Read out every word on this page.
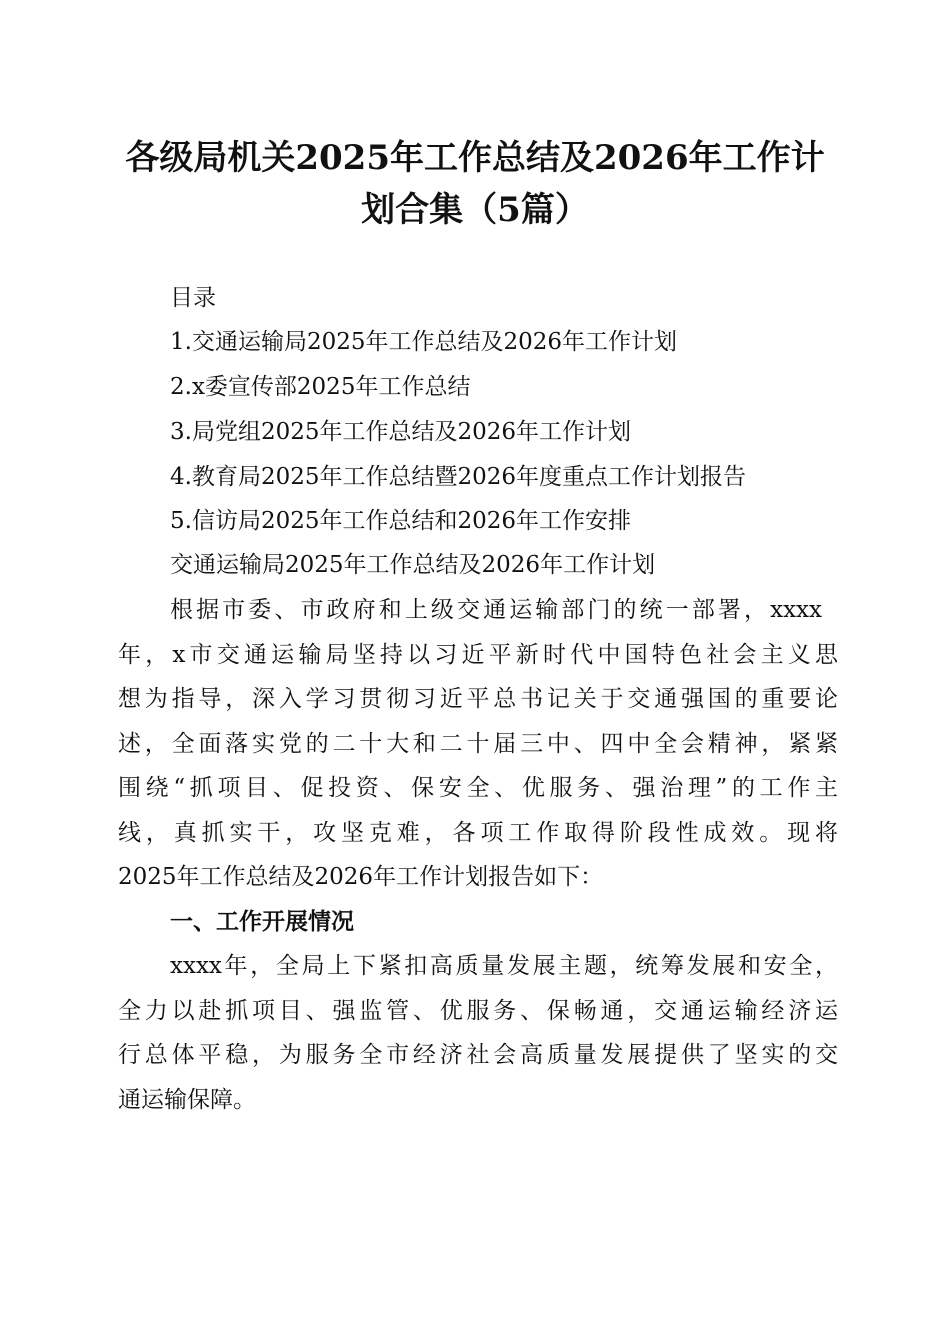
各级局机关2025年工作总结及2026年工作计
划合集（5篇）

目录

1.交通运输局2025年工作总结及2026年工作计划

2.x委宣传部2025年工作总结

3.局党组2025年工作总结及2026年工作计划

4.教育局2025年工作总结暨2026年度重点工作计划报告

5.信访局2025年工作总结和2026年工作安排

交通运输局2025年工作总结及2026年工作计划

根据市委、市政府和上级交通运输部门的统一部署，xxxx

年，x市交通运输局坚持以习近平新时代中国特色社会主义思

想为指导，深入学习贯彻习近平总书记关于交通强国的重要论

述，全面落实党的二十大和二十届三中、四中全会精神，紧紧

围绕“抓项目、促投资、保安全、优服务、强治理”的工作主

线，真抓实干，攻坚克难，各项工作取得阶段性成效。现将

2025年工作总结及2026年工作计划报告如下：

一、工作开展情况

xxxx年，全局上下紧扣高质量发展主题，统筹发展和安全，

全力以赴抓项目、强监管、优服务、保畅通，交通运输经济运

行总体平稳，为服务全市经济社会高质量发展提供了坚实的交

通运输保障。
